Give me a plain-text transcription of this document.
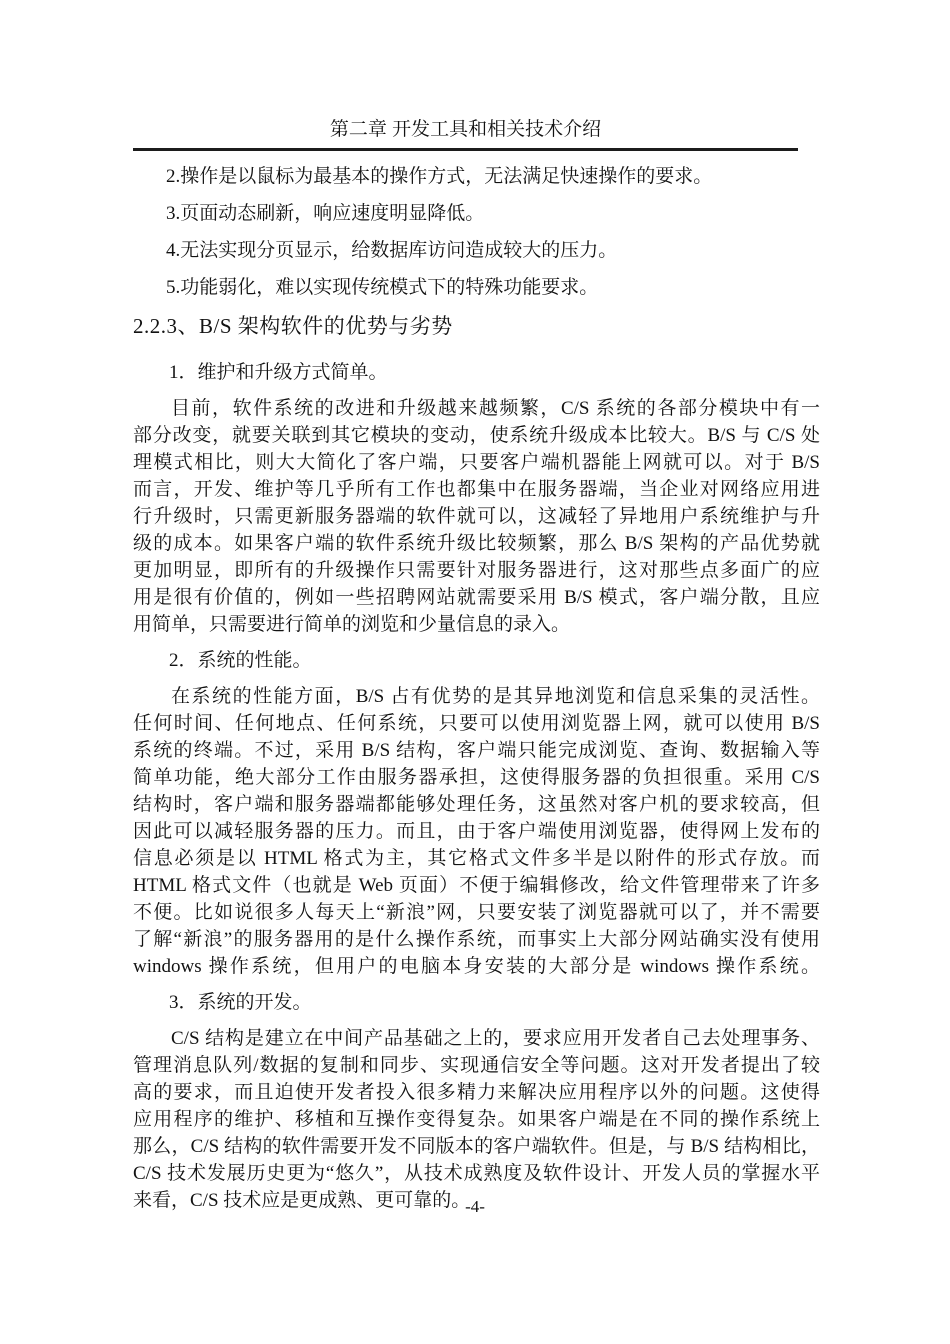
第二章 开发工具和相关技术介绍
2.操作是以鼠标为最基本的操作方式，无法满足快速操作的要求。
3.页面动态刷新，响应速度明显降低。
4.无法实现分页显示，给数据库访问造成较大的压力。
5.功能弱化，难以实现传统模式下的特殊功能要求。
2.2.3、B/S 架构软件的优势与劣势
1．维护和升级方式简单。
目前，软件系统的改进和升级越来越频繁，C/S 系统的各部分模块中有一
部分改变，就要关联到其它模块的变动，使系统升级成本比较大。B/S 与 C/S 处
理模式相比，则大大简化了客户端，只要客户端机器能上网就可以。对于 B/S
而言，开发、维护等几乎所有工作也都集中在服务器端，当企业对网络应用进
行升级时，只需更新服务器端的软件就可以，这减轻了异地用户系统维护与升
级的成本。如果客户端的软件系统升级比较频繁，那么 B/S 架构的产品优势就
更加明显，即所有的升级操作只需要针对服务器进行，这对那些点多面广的应
用是很有价值的，例如一些招聘网站就需要采用 B/S 模式，客户端分散，且应
用简单，只需要进行简单的浏览和少量信息的录入。
2．系统的性能。
在系统的性能方面，B/S 占有优势的是其异地浏览和信息采集的灵活性。
任何时间、任何地点、任何系统，只要可以使用浏览器上网，就可以使用 B/S
系统的终端。不过，采用 B/S 结构，客户端只能完成浏览、查询、数据输入等
简单功能，绝大部分工作由服务器承担，这使得服务器的负担很重。采用 C/S
结构时，客户端和服务器端都能够处理任务，这虽然对客户机的要求较高，但
因此可以减轻服务器的压力。而且，由于客户端使用浏览器，使得网上发布的
信息必须是以 HTML 格式为主，其它格式文件多半是以附件的形式存放。而
HTML 格式文件（也就是 Web 页面）不便于编辑修改，给文件管理带来了许多
不便。比如说很多人每天上“新浪”网，只要安装了浏览器就可以了，并不需要
了解“新浪”的服务器用的是什么操作系统，而事实上大部分网站确实没有使用
windows 操作系统，但用户的电脑本身安装的大部分是 windows 操作系统。
3．系统的开发。
C/S 结构是建立在中间产品基础之上的，要求应用开发者自己去处理事务、
管理消息队列/数据的复制和同步、实现通信安全等问题。这对开发者提出了较
高的要求，而且迫使开发者投入很多精力来解决应用程序以外的问题。这使得
应用程序的维护、移植和互操作变得复杂。如果客户端是在不同的操作系统上
那么，C/S 结构的软件需要开发不同版本的客户端软件。但是，与 B/S 结构相比，
C/S 技术发展历史更为“悠久”，从技术成熟度及软件设计、开发人员的掌握水平
来看，C/S 技术应是更成熟、更可靠的。
-4-
